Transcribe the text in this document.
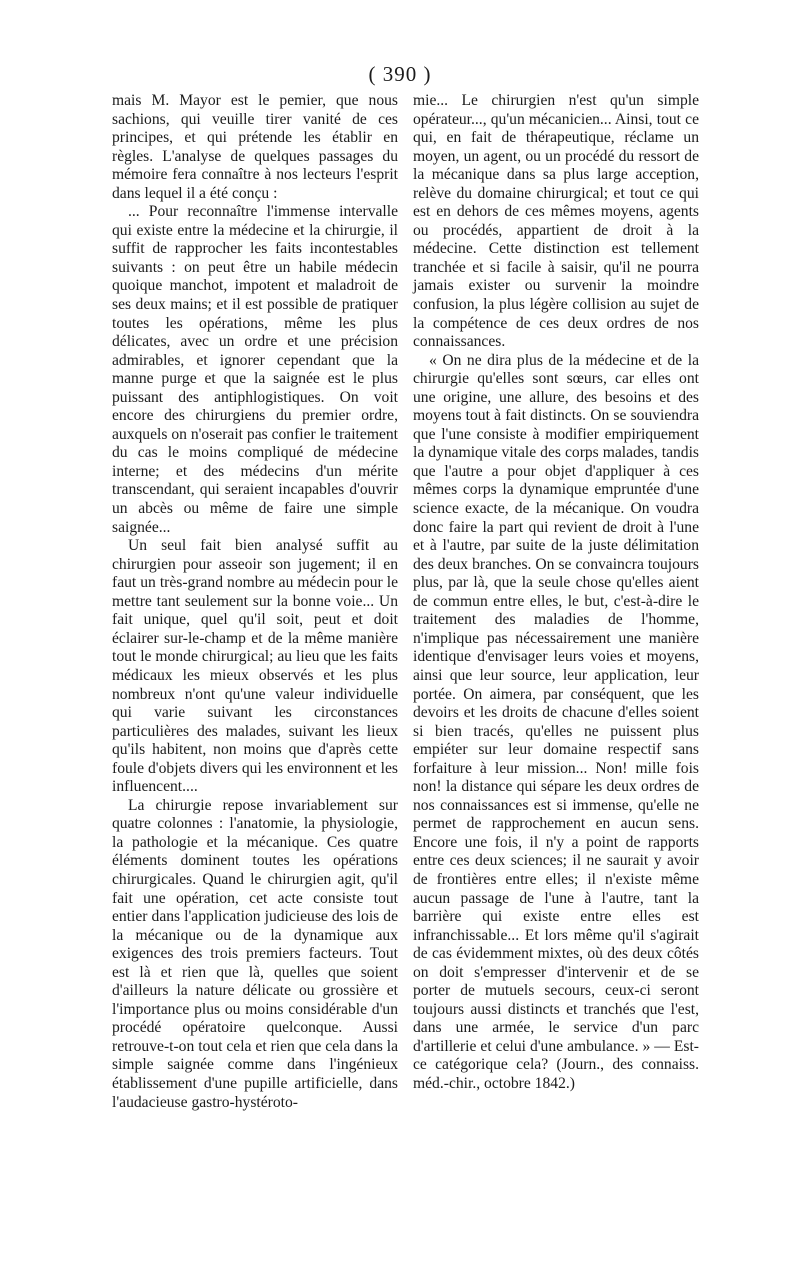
( 390 )

mais M. Mayor est le pemier, que nous sachions, qui veuille tirer vanité de ces principes, et qui prétende les établir en règles. L'analyse de quelques passages du mémoire fera connaître à nos lecteurs l'esprit dans lequel il a été conçu :

... Pour reconnaître l'immense intervalle qui existe entre la médecine et la chirurgie, il suffit de rapprocher les faits incontestables suivants : on peut être un habile médecin quoique manchot, impotent et maladroit de ses deux mains; et il est possible de pratiquer toutes les opérations, même les plus délicates, avec un ordre et une précision admirables, et ignorer cependant que la manne purge et que la saignée est le plus puissant des antiphlogistiques. On voit encore des chirurgiens du premier ordre, auxquels on n'oserait pas confier le traitement du cas le moins compliqué de médecine interne; et des médecins d'un mérite transcendant, qui seraient incapables d'ouvrir un abcès ou même de faire une simple saignée...

Un seul fait bien analysé suffit au chirurgien pour asseoir son jugement; il en faut un très-grand nombre au médecin pour le mettre tant seulement sur la bonne voie... Un fait unique, quel qu'il soit, peut et doit éclairer sur-le-champ et de la même manière tout le monde chirurgical; au lieu que les faits médicaux les mieux observés et les plus nombreux n'ont qu'une valeur individuelle qui varie suivant les circonstances particulières des malades, suivant les lieux qu'ils habitent, non moins que d'après cette foule d'objets divers qui les environnent et les influencent....

La chirurgie repose invariablement sur quatre colonnes : l'anatomie, la physiologie, la pathologie et la mécanique. Ces quatre éléments dominent toutes les opérations chirurgicales. Quand le chirurgien agit, qu'il fait une opération, cet acte consiste tout entier dans l'application judicieuse des lois de la mécanique ou de la dynamique aux exigences des trois premiers facteurs. Tout est là et rien que là, quelles que soient d'ailleurs la nature délicate ou grossière et l'importance plus ou moins considérable d'un procédé opératoire quelconque. Aussi retrouve-t-on tout cela et rien que cela dans la simple saignée comme dans l'ingénieux établissement d'une pupille artificielle, dans l'audacieuse gastro-hystéroto-

mie... Le chirurgien n'est qu'un simple opérateur..., qu'un mécanicien... Ainsi, tout ce qui, en fait de thérapeutique, réclame un moyen, un agent, ou un procédé du ressort de la mécanique dans sa plus large acception, relève du domaine chirurgical; et tout ce qui est en dehors de ces mêmes moyens, agents ou procédés, appartient de droit à la médecine. Cette distinction est tellement tranchée et si facile à saisir, qu'il ne pourra jamais exister ou survenir la moindre confusion, la plus légère collision au sujet de la compétence de ces deux ordres de nos connaissances.

« On ne dira plus de la médecine et de la chirurgie qu'elles sont sœurs, car elles ont une origine, une allure, des besoins et des moyens tout à fait distincts. On se souviendra que l'une consiste à modifier empiriquement la dynamique vitale des corps malades, tandis que l'autre a pour objet d'appliquer à ces mêmes corps la dynamique empruntée d'une science exacte, de la mécanique. On voudra donc faire la part qui revient de droit à l'une et à l'autre, par suite de la juste délimitation des deux branches. On se convaincra toujours plus, par là, que la seule chose qu'elles aient de commun entre elles, le but, c'est-à-dire le traitement des maladies de l'homme, n'implique pas nécessairement une manière identique d'envisager leurs voies et moyens, ainsi que leur source, leur application, leur portée. On aimera, par conséquent, que les devoirs et les droits de chacune d'elles soient si bien tracés, qu'elles ne puissent plus empiéter sur leur domaine respectif sans forfaiture à leur mission... Non! mille fois non! la distance qui sépare les deux ordres de nos connaissances est si immense, qu'elle ne permet de rapprochement en aucun sens. Encore une fois, il n'y a point de rapports entre ces deux sciences; il ne saurait y avoir de frontières entre elles; il n'existe même aucun passage de l'une à l'autre, tant la barrière qui existe entre elles est infranchissable... Et lors même qu'il s'agirait de cas évidemment mixtes, où des deux côtés on doit s'empresser d'intervenir et de se porter de mutuels secours, ceux-ci seront toujours aussi distincts et tranchés que l'est, dans une armée, le service d'un parc d'artillerie et celui d'une ambulance. » — Est-ce catégorique cela? (Journ., des connaiss. méd.-chir., octobre 1842.)
